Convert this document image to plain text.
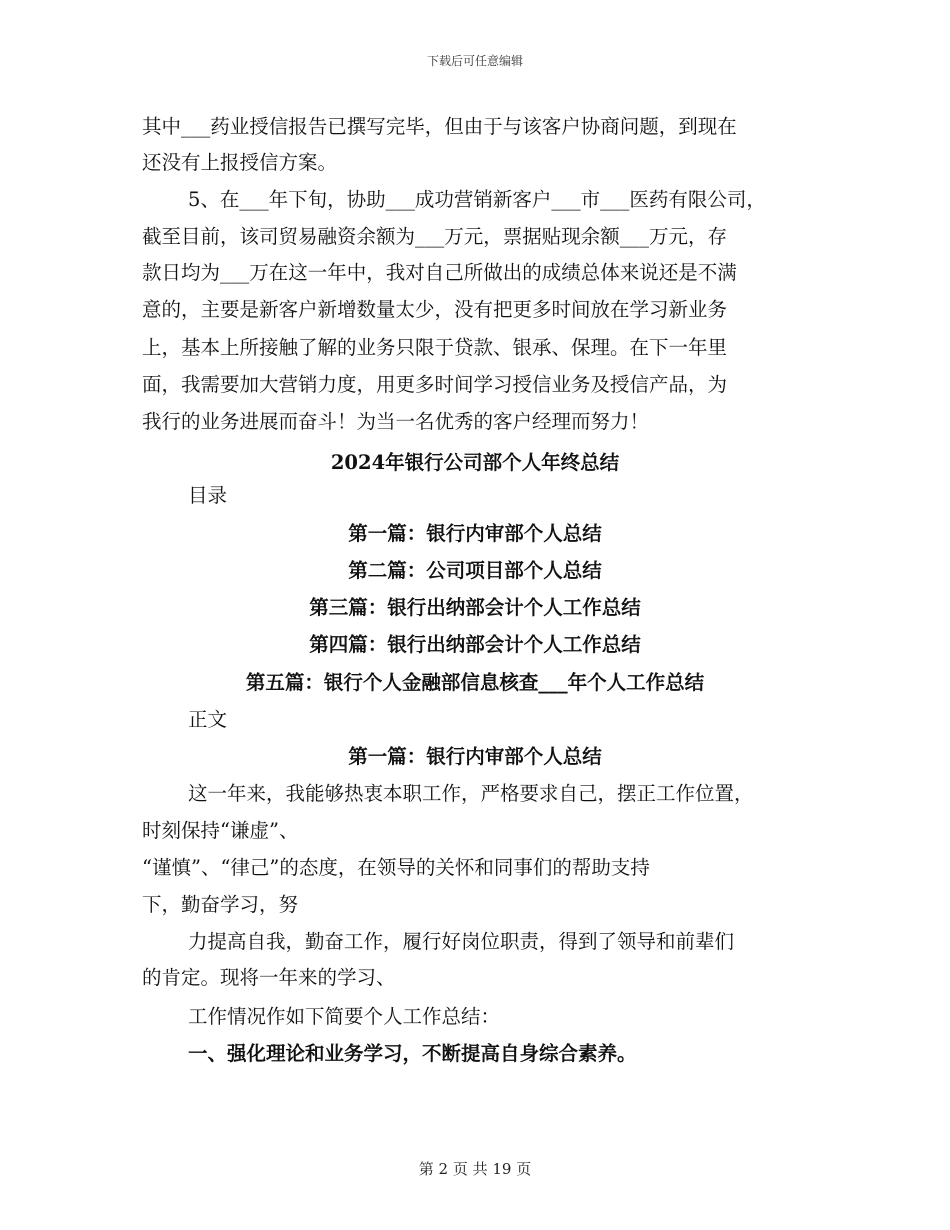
下载后可任意编辑
其中___药业授信报告已撰写完毕，但由于与该客户协商问题，到现在
还没有上报授信方案。
5、在___年下旬，协助___成功营销新客户___市___医药有限公司，
截至目前，该司贸易融资余额为___万元，票据贴现余额___万元，存
款日均为___万在这一年中，我对自己所做出的成绩总体来说还是不满
意的，主要是新客户新增数量太少，没有把更多时间放在学习新业务
上，基本上所接触了解的业务只限于贷款、银承、保理。在下一年里
面，我需要加大营销力度，用更多时间学习授信业务及授信产品，为
我行的业务进展而奋斗！为当一名优秀的客户经理而努力！
2024年银行公司部个人年终总结
目录
第一篇：银行内审部个人总结
第二篇：公司项目部个人总结
第三篇：银行出纳部会计个人工作总结
第四篇：银行出纳部会计个人工作总结
第五篇：银行个人金融部信息核查___年个人工作总结
正文
第一篇：银行内审部个人总结
这一年来，我能够热衷本职工作，严格要求自己，摆正工作位置，
时刻保持“谦虚”、
“谨慎”、“律己”的态度，在领导的关怀和同事们的帮助支持
下，勤奋学习，努
力提高自我，勤奋工作，履行好岗位职责，得到了领导和前辈们
的肯定。现将一年来的学习、
工作情况作如下简要个人工作总结：
一、强化理论和业务学习，不断提高自身综合素养。
第 2 页 共 19 页
